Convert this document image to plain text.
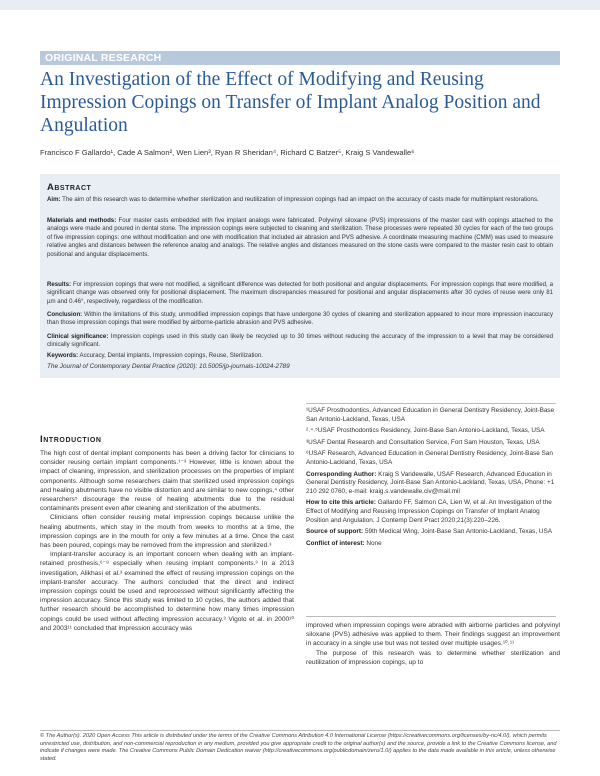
ORIGINAL RESEARCH
An Investigation of the Effect of Modifying and Reusing Impression Copings on Transfer of Implant Analog Position and Angulation
Francisco F Gallardo¹, Cade A Salmon², Wen Lien³, Ryan R Sheridan⁴, Richard C Batzer⁵, Kraig S Vandewalle⁶
Abstract

Aim: The aim of this research was to determine whether sterilization and reutilization of impression copings had an impact on the accuracy of casts made for multiimplant restorations.

Materials and methods: Four master casts embedded with five implant analogs were fabricated. Polyvinyl siloxane (PVS) impressions of the master cast with copings attached to the analogs were made and poured in dental stone. The impression copings were subjected to cleaning and sterilization. These processes were repeated 30 cycles for each of the two groups of five impression copings: one without modification and one with modification that included air abrasion and PVS adhesive. A coordinate measuring machine (CMM) was used to measure relative angles and distances between the reference analog and analogs. The relative angles and distances measured on the stone casts were compared to the master resin cast to obtain positional and angular displacements.

Results: For impression copings that were not modified, a significant difference was detected for both positional and angular displacements. For impression copings that were modified, a significant change was observed only for positional displacement. The maximum discrepancies measured for positional and angular displacements after 30 cycles of reuse were only 81 µm and 0.46°, respectively, regardless of the modification.

Conclusion: Within the limitations of this study, unmodified impression copings that have undergone 30 cycles of cleaning and sterilization appeared to incur more impression inaccuracy than those impression copings that were modified by airborne-particle abrasion and PVS adhesive.

Clinical significance: Impression copings used in this study can likely be recycled up to 30 times without reducing the accuracy of the impression to a level that may be considered clinically significant.

Keywords: Accuracy, Dental implants, Impression copings, Reuse, Sterilization.

The Journal of Contemporary Dental Practice (2020): 10.5005/jp-journals-10024-2789
Introduction

The high cost of dental implant components has been a driving factor for clinicians to consider reusing certain implant components.¹⁻³ However, little is known about the impact of cleaning, impression, and sterilization processes on the properties of implant components. Although some researchers claim that sterilized used impression copings and healing abutments have no visible distortion and are similar to new copings,⁴ other researchers⁵ discourage the reuse of healing abutments due to the residual contaminants present even after cleaning and sterilization of the abutments.

Clinicians often consider reusing metal impression copings because unlike the healing abutments, which stay in the mouth from weeks to months at a time, the impression copings are in the mouth for only a few minutes at a time. Once the cast has been poured, copings may be removed from the impression and sterilized.³

Implant-transfer accuracy is an important concern when dealing with an implant-retained prosthesis,⁶⁻⁸ especially when reusing implant components.³ In a 2013 investigation, Alikhasi et al.³ examined the effect of reusing impression copings on the implant-transfer accuracy. The authors concluded that the direct and indirect impression copings could be used and reprocessed without significantly affecting the impression accuracy. Since this study was limited to 10 cycles, the authors added that further research should be accomplished to determine how many times impression copings could be used without affecting impression accuracy.³ Vigolo et al. in 2000¹⁰ and 2003¹¹ concluded that impression accuracy was

¹USAF Prosthodontics, Advanced Education in General Dentistry Residency, Joint-Base San Antonio-Lackland, Texas, USA

²˒⁴˒⁵USAF Prosthodontics Residency, Joint-Base San Antonio-Lackland, Texas, USA

³USAF Dental Research and Consultation Service, Fort Sam Houston, Texas, USA

⁶USAF Research, Advanced Education in General Dentistry Residency, Joint-Base San Antonio-Lackland, Texas, USA

Corresponding Author: Kraig S Vandewalle, USAF Research, Advanced Education in General Dentistry Residency, Joint-Base San Antonio-Lackland, Texas, USA, Phone: +1 210 292 0760, e-mail: kraig.s.vandewalle.civ@mail.mil

How to cite this article: Gallardo FF, Salmon CA, Lien W, et al. An Investigation of the Effect of Modifying and Reusing Impression Copings on Transfer of Implant Analog Position and Angulation. J Contemp Dent Pract 2020;21(3):220–226.

Source of support: 59th Medical Wing, Joint-Base San Antonio-Lackland, Texas, USA

Conflict of interest: None

improved when impression copings were abraded with airborne particles and polyvinyl siloxane (PVS) adhesive was applied to them. Their findings suggest an improvement in accuracy in a single use but was not tested over multiple usages.¹⁰˒¹¹

The purpose of this research was to determine whether sterilization and reutilization of impression copings, up to

© The Author(s). 2020 Open Access This article is distributed under the terms of the Creative Commons Attribution 4.0 International License (https://creativecommons.org/licenses/by-nc/4.0/), which permits unrestricted use, distribution, and non-commercial reproduction in any medium, provided you give appropriate credit to the original author(s) and the source, provide a link to the Creative Commons license, and indicate if changes were made. The Creative Commons Public Domain Dedication waiver (http://creativecommons.org/publicdomain/zero/1.0/) applies to the data made available in this article, unless otherwise stated.
